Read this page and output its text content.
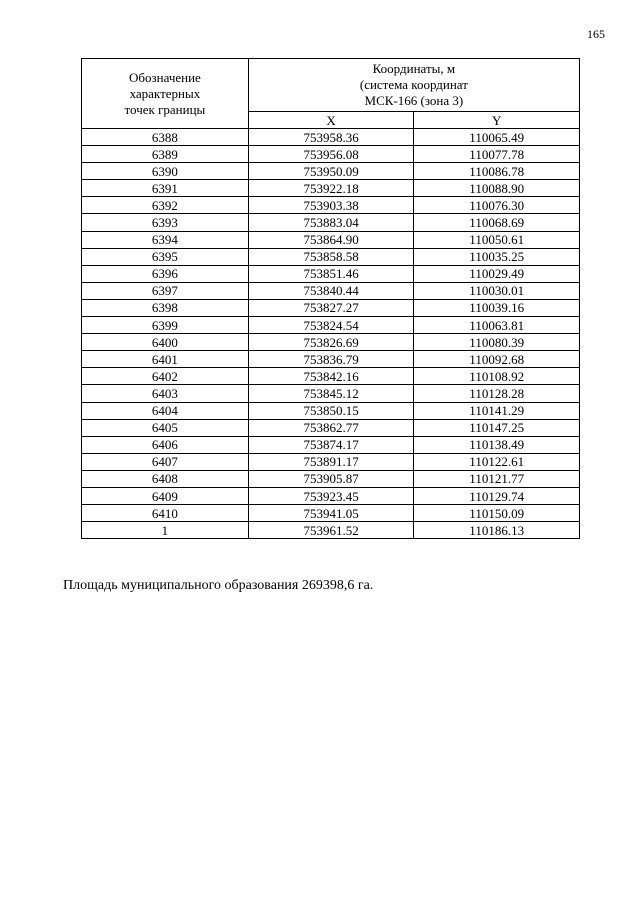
165
Обозначение
характерных
точек границы	Координаты, м
(система координат
МСК-166 (зона 3)	

	X	Y
6388	753958.36	110065.49
6389	753956.08	110077.78
6390	753950.09	110086.78
6391	753922.18	110088.90
6392	753903.38	110076.30
6393	753883.04	110068.69
6394	753864.90	110050.61
6395	753858.58	110035.25
6396	753851.46	110029.49
6397	753840.44	110030.01
6398	753827.27	110039.16
6399	753824.54	110063.81
6400	753826.69	110080.39
6401	753836.79	110092.68
6402	753842.16	110108.92
6403	753845.12	110128.28
6404	753850.15	110141.29
6405	753862.77	110147.25
6406	753874.17	110138.49
6407	753891.17	110122.61
6408	753905.87	110121.77
6409	753923.45	110129.74
6410	753941.05	110150.09
1	753961.52	110186.13
Площадь муниципального образования 269398,6 га.
